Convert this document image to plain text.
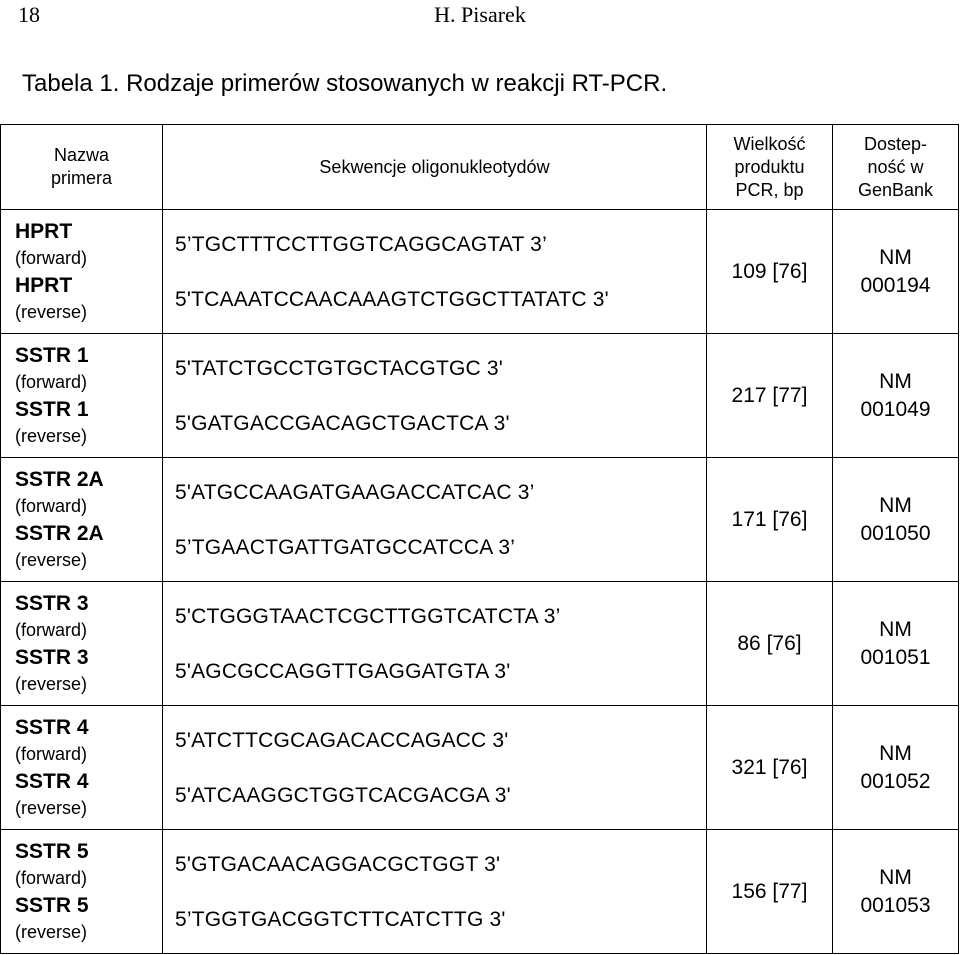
18	H. Pisarek
Tabela 1. Rodzaje primerów stosowanych w reakcji RT-PCR.
Nazwa
primera	Sekwencje oligonukleotydów	Wielkość
produktu
PCR, bp	Dostep-
ność w
GenBank

HPRT
(forward)
HPRT
(reverse)	5’TGCTTTCCTTGGTCAGGCAGTAT 3’
5'TCAAATCCAACAAAGTCTGGCTTATATC 3'	109 [76]	NM
000194

SSTR 1
(forward)
SSTR 1
(reverse)	5'TATCTGCCTGTGCTACGTGC 3'
5'GATGACCGACAGCTGACTCA 3'	217 [77]	NM
001049

SSTR 2A
(forward)
SSTR 2A
(reverse)	5'ATGCCAAGATGAAGACCATCAC 3’
5’TGAACTGATTGATGCCATCCA 3’	171 [76]	NM
001050

SSTR 3
(forward)
SSTR 3
(reverse)	5'CTGGGTAACTCGCTTGGTCATCTA 3’
5'AGCGCCAGGTTGAGGATGTA 3'	86 [76]	NM
001051

SSTR 4
(forward)
SSTR 4
(reverse)	5'ATCTTCGCAGACACCAGACC 3'
5'ATCAAGGCTGGTCACGACGA 3'	321 [76]	NM
001052

SSTR 5
(forward)
SSTR 5
(reverse)	5'GTGACAACAGGACGCTGGT 3'
5’TGGTGACGGTCTTCATCTTG 3'	156 [77]	NM
001053
